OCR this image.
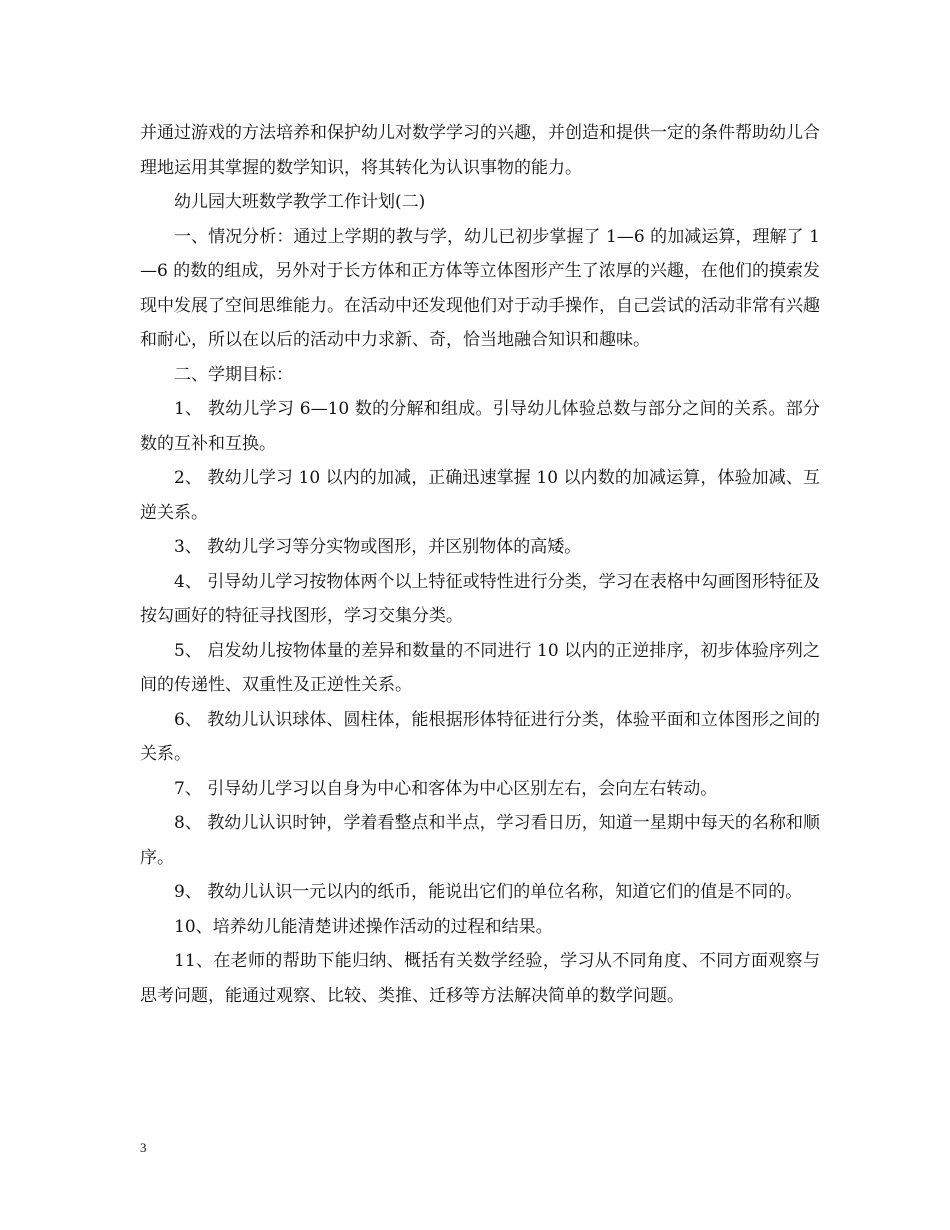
并通过游戏的方法培养和保护幼儿对数学学习的兴趣，并创造和提供一定的条件帮助幼儿合理地运用其掌握的数学知识，将其转化为认识事物的能力。

幼儿园大班数学教学工作计划(二)

一、情况分析：通过上学期的教与学，幼儿已初步掌握了 1—6 的加减运算，理解了 1—6 的数的组成，另外对于长方体和正方体等立体图形产生了浓厚的兴趣，在他们的摸索发现中发展了空间思维能力。在活动中还发现他们对于动手操作，自己尝试的活动非常有兴趣和耐心，所以在以后的活动中力求新、奇，恰当地融合知识和趣味。

二、学期目标：

1、 教幼儿学习 6—10 数的分解和组成。引导幼儿体验总数与部分之间的关系。部分数的互补和互换。

2、 教幼儿学习 10 以内的加减，正确迅速掌握 10 以内数的加减运算，体验加减、互逆关系。

3、 教幼儿学习等分实物或图形，并区别物体的高矮。

4、 引导幼儿学习按物体两个以上特征或特性进行分类，学习在表格中勾画图形特征及按勾画好的特征寻找图形，学习交集分类。

5、 启发幼儿按物体量的差异和数量的不同进行 10 以内的正逆排序，初步体验序列之间的传递性、双重性及正逆性关系。

6、 教幼儿认识球体、圆柱体，能根据形体特征进行分类，体验平面和立体图形之间的关系。

7、 引导幼儿学习以自身为中心和客体为中心区别左右，会向左右转动。

8、 教幼儿认识时钟，学着看整点和半点，学习看日历，知道一星期中每天的名称和顺序。

9、 教幼儿认识一元以内的纸币，能说出它们的单位名称，知道它们的值是不同的。

10、培养幼儿能清楚讲述操作活动的过程和结果。

11、在老师的帮助下能归纳、概括有关数学经验，学习从不同角度、不同方面观察与思考问题，能通过观察、比较、类推、迁移等方法解决简单的数学问题。

3
